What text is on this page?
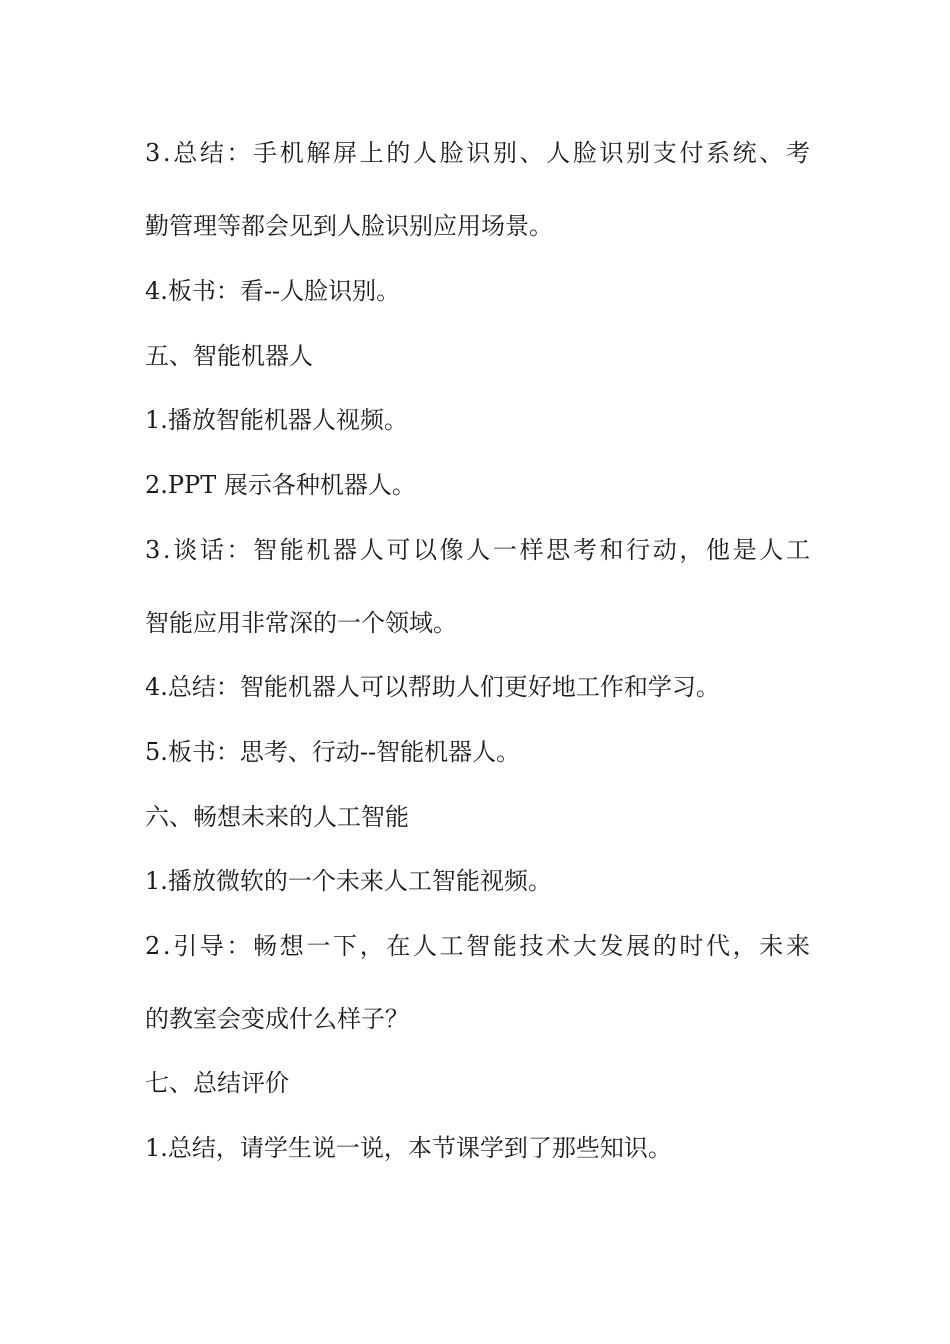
3 . 总 结 ： 手 机 解 屏 上 的 人 脸 识 别 、 人 脸 识 别 支 付 系 统 、 考
勤管理等都会见到人脸识别应用场景。
4.板书：看--人脸识别。
五、智能机器人
1.播放智能机器人视频。
2.PPT 展示各种机器人。
3 . 谈 话 ： 智 能 机 器 人 可 以 像 人 一 样 思 考 和 行 动 ， 他 是 人 工
智能应用非常深的一个领域。
4.总结：智能机器人可以帮助人们更好地工作和学习。
5.板书：思考、行动--智能机器人。
六、畅想未来的人工智能
1.播放微软的一个未来人工智能视频。
2 . 引 导 ： 畅 想 一 下 ， 在 人 工 智 能 技 术 大 发 展 的 时 代 ， 未 来
的教室会变成什么样子？
七、总结评价
1.总结，请学生说一说，本节课学到了那些知识。
